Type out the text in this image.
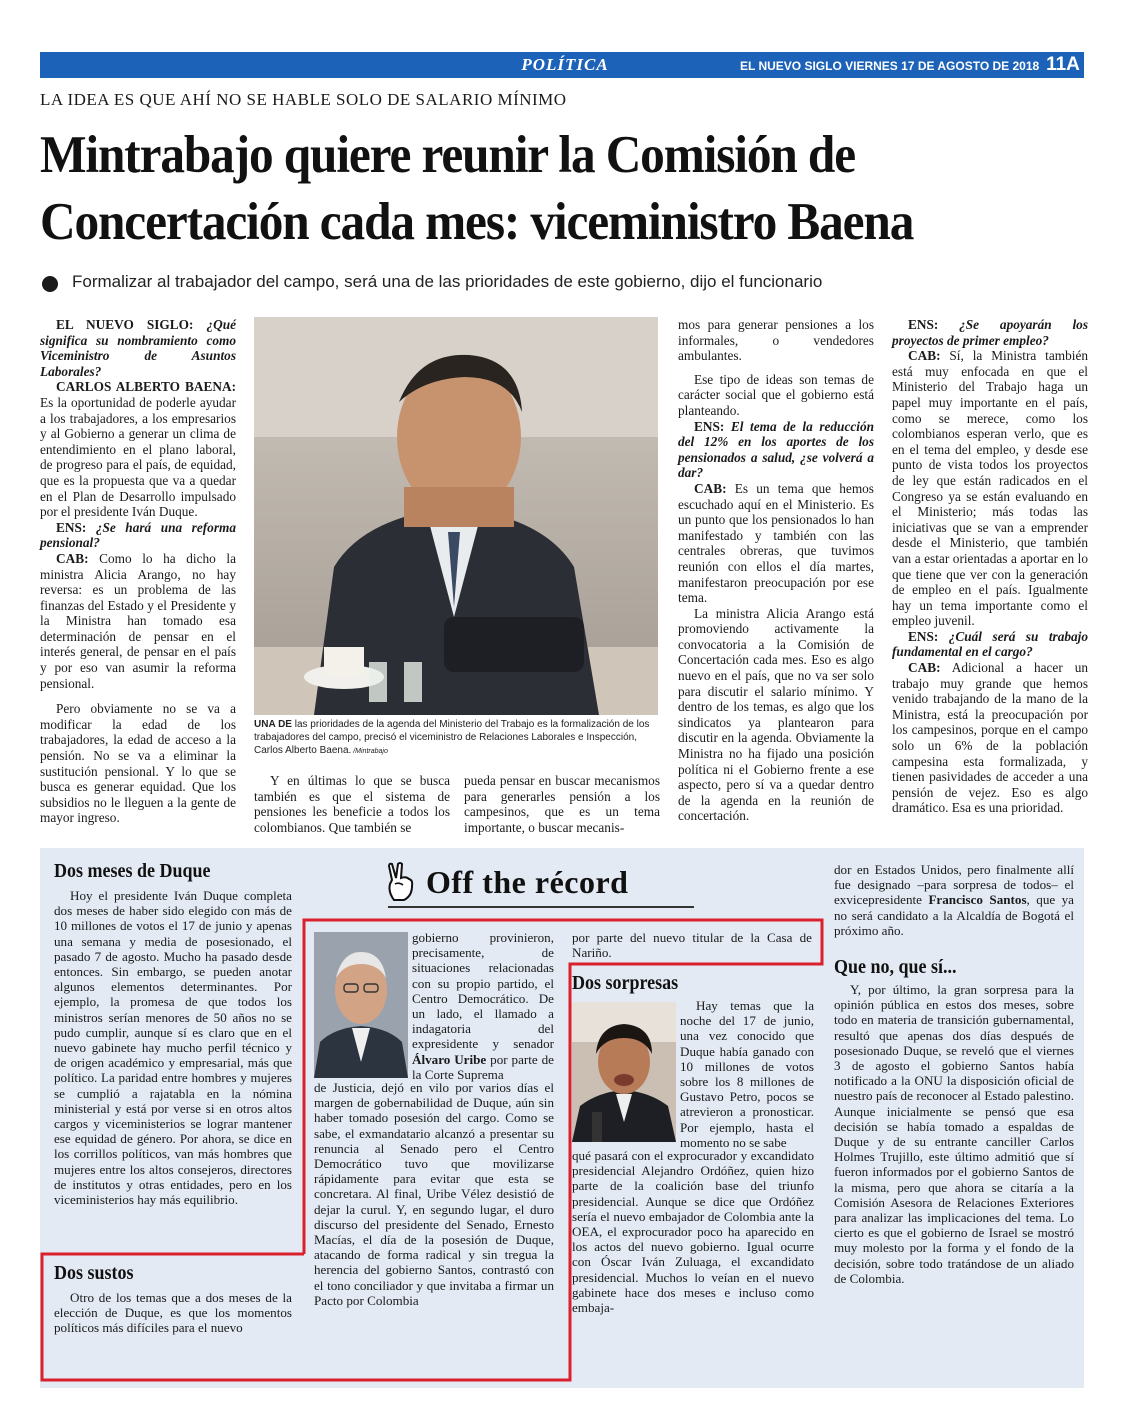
POLÍTICA	EL NUEVO SIGLO VIERNES 17 DE AGOSTO DE 2018 11A
LA IDEA ES QUE AHÍ NO SE HABLE SOLO DE SALARIO MÍNIMO
Mintrabajo quiere reunir la Comisión de
Concertación cada mes: viceministro Baena
Formalizar al trabajador del campo, será una de las prioridades de este gobierno, dijo el funcionario

EL NUEVO SIGLO: ¿Qué significa su nombramiento como Viceministro de Asuntos Laborales?

CARLOS ALBERTO BAENA: Es la oportunidad de poderle ayudar a los trabajadores, a los empresarios y al Gobierno a generar un clima de entendimiento en el plano laboral, de progreso para el país, de equidad, que es la propuesta que va a quedar en el Plan de Desarrollo impulsado por el presidente Iván Duque.

ENS: ¿Se hará una reforma pensional?

CAB: Como lo ha dicho la ministra Alicia Arango, no hay reversa: es un problema de las finanzas del Estado y el Presidente y la Ministra han tomado esa determinación de pensar en el interés general, de pensar en el país y por eso van asumir la reforma pensional.

Pero obviamente no se va a modificar la edad de los trabajadores, la edad de acceso a la pensión. No se va a eliminar la sustitución pensional. Y lo que se busca es generar equidad. Que los subsidios no le lleguen a la gente de mayor ingreso.

UNA DE las prioridades de la agenda del Ministerio del Trabajo es la formalización de los trabajadores del campo, precisó el viceministro de Relaciones Laborales e Inspección, Carlos Alberto Baena. /Mintrabajo

Y en últimas lo que se busca también es que el sistema de pensiones les beneficie a todos los colombianos. Que también se

pueda pensar en buscar mecanismos para generarles pensión a los campesinos, que es un tema importante, o buscar mecanis-

mos para generar pensiones a los informales, o vendedores ambulantes.

Ese tipo de ideas son temas de carácter social que el gobierno está planteando.

ENS: El tema de la reducción del 12% en los aportes de los pensionados a salud, ¿se volverá a dar?

CAB: Es un tema que hemos escuchado aquí en el Ministerio. Es un punto que los pensionados lo han manifestado y también con las centrales obreras, que tuvimos reunión con ellos el día martes, manifestaron preocupación por ese tema.

La ministra Alicia Arango está promoviendo activamente la convocatoria a la Comisión de Concertación cada mes. Eso es algo nuevo en el país, que no va ser solo para discutir el salario mínimo. Y dentro de los temas, es algo que los sindicatos ya plantearon para discutir en la agenda. Obviamente la Ministra no ha fijado una posición política ni el Gobierno frente a ese aspecto, pero sí va a quedar dentro de la agenda en la reunión de concertación.

ENS: ¿Se apoyarán los proyectos de primer empleo?

CAB: Sí, la Ministra también está muy enfocada en que el Ministerio del Trabajo haga un papel muy importante en el país, como se merece, como los colombianos esperan verlo, que es en el tema del empleo, y desde ese punto de vista todos los proyectos de ley que están radicados en el Congreso ya se están evaluando en el Ministerio; más todas las iniciativas que se van a emprender desde el Ministerio, que también van a estar orientadas a aportar en lo que tiene que ver con la generación de empleo en el país. Igualmente hay un tema importante como el empleo juvenil.

ENS: ¿Cuál será su trabajo fundamental en el cargo?

CAB: Adicional a hacer un trabajo muy grande que hemos venido trabajando de la mano de la Ministra, está la preocupación por los campesinos, porque en el campo solo un 6% de la población campesina esta formalizada, y tienen pasividades de acceder a una pensión de vejez. Eso es algo dramático. Esa es una prioridad.

Off the récord
Dos meses de Duque

Hoy el presidente Iván Duque completa dos meses de haber sido elegido con más de 10 millones de votos el 17 de junio y apenas una semana y media de posesionado, el pasado 7 de agosto. Mucho ha pasado desde entonces. Sin embargo, se pueden anotar algunos elementos determinantes. Por ejemplo, la promesa de que todos los ministros serían menores de 50 años no se pudo cumplir, aunque sí es claro que en el nuevo gabinete hay mucho perfil técnico y de origen académico y empresarial, más que político. La paridad entre hombres y mujeres se cumplió a rajatabla en la nómina ministerial y está por verse si en otros altos cargos y viceministerios se lograr mantener ese equidad de género. Por ahora, se dice en los corrillos políticos, van más hombres que mujeres entre los altos consejeros, directores de institutos y otras entidades, pero en los viceministerios hay más equilibrio.

Dos sustos

Otro de los temas que a dos meses de la elección de Duque, es que los momentos políticos más difíciles para el nuevo

gobierno provinieron, precisamente, de situaciones relacionadas con su propio partido, el Centro Democrático. De un lado, el llamado a indagatoria del expresidente y senador Álvaro Uribe por parte de la Corte Suprema

de Justicia, dejó en vilo por varios días el margen de gobernabilidad de Duque, aún sin haber tomado posesión del cargo. Como se sabe, el exmandatario alcanzó a presentar su renuncia al Senado pero el Centro Democrático tuvo que movilizarse rápidamente para evitar que esta se concretara. Al final, Uribe Vélez desistió de dejar la curul. Y, en segundo lugar, el duro discurso del presidente del Senado, Ernesto Macías, el día de la posesión de Duque, atacando de forma radical y sin tregua la herencia del gobierno Santos, contrastó con el tono conciliador y que invitaba a firmar un Pacto por Colombia

por parte del nuevo titular de la Casa de Nariño.

Dos sorpresas

Hay temas que la noche del 17 de junio, una vez conocido que Duque había ganado con 10 millones de votos sobre los 8 millones de Gustavo Petro, pocos se atrevieron a pronosticar. Por ejemplo, hasta el momento no se sabe

qué pasará con el exprocurador y excandidato presidencial Alejandro Ordóñez, quien hizo parte de la coalición base del triunfo presidencial. Aunque se dice que Ordóñez sería el nuevo embajador de Colombia ante la OEA, el exprocurador poco ha aparecido en los actos del nuevo gobierno. Igual ocurre con Óscar Iván Zuluaga, el excandidato presidencial. Muchos lo veían en el nuevo gabinete hace dos meses e incluso como embaja-

dor en Estados Unidos, pero finalmente allí fue designado –para sorpresa de todos– el exvicepresidente Francisco Santos, que ya no será candidato a la Alcaldía de Bogotá el próximo año.

Que no, que sí...

Y, por último, la gran sorpresa para la opinión pública en estos dos meses, sobre todo en materia de transición gubernamental, resultó que apenas dos días después de posesionado Duque, se reveló que el viernes 3 de agosto el gobierno Santos había notificado a la ONU la disposición oficial de nuestro país de reconocer al Estado palestino. Aunque inicialmente se pensó que esa decisión se había tomado a espaldas de Duque y de su entrante canciller Carlos Holmes Trujillo, este último admitió que sí fueron informados por el gobierno Santos de la misma, pero que ahora se citaría a la Comisión Asesora de Relaciones Exteriores para analizar las implicaciones del tema. Lo cierto es que el gobierno de Israel se mostró muy molesto por la forma y el fondo de la decisión, sobre todo tratándose de un aliado de Colombia.
